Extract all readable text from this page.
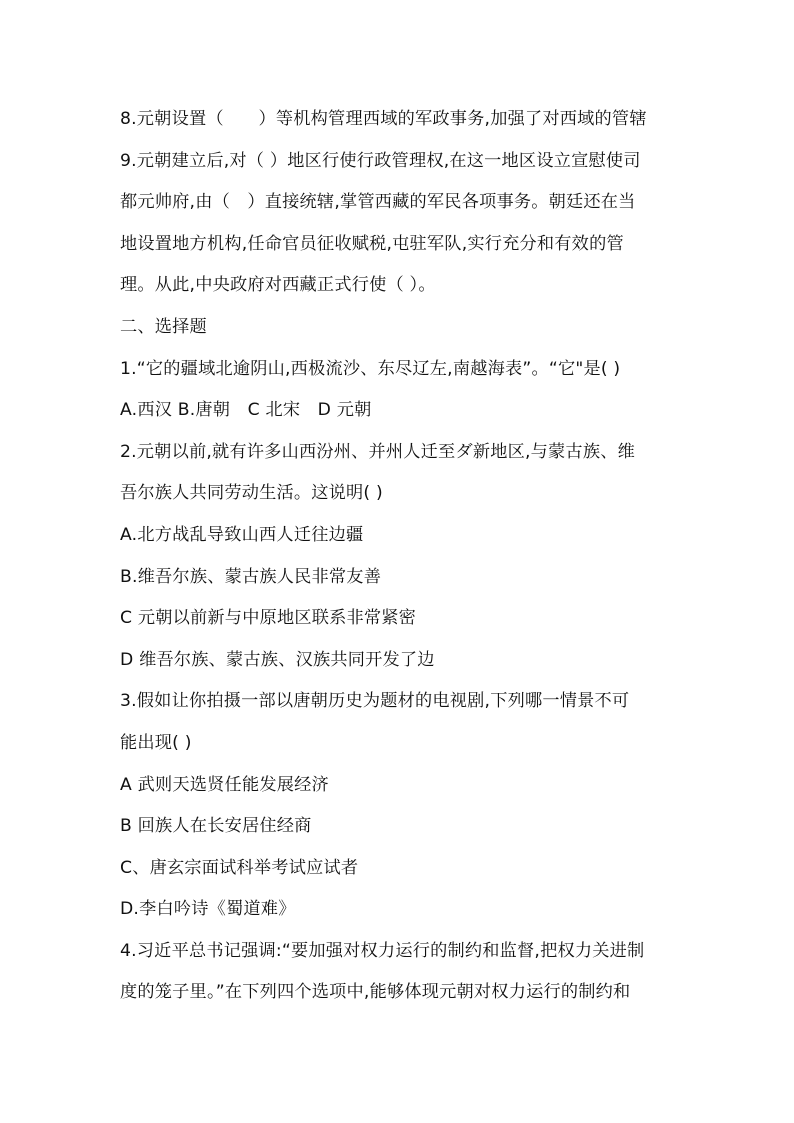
8.元朝设置（　　）等机构管理西域的军政事务,加强了对西域的管辖
9.元朝建立后,对（ ）地区行使行政管理权,在这一地区设立宣慰使司
都元帅府,由（　）直接统辖,掌管西藏的军民各项事务。朝廷还在当
地设置地方机构,任命官员征收赋税,屯驻军队,实行充分和有效的管
理。从此,中央政府对西藏正式行使（ ）。
二、选择题
1.“它的疆域北逾阴山,西极流沙、东尽辽左,南越海表”。“它"是( )
A.西汉 B.唐朝　C 北宋　D 元朝
2.元朝以前,就有许多山西汾州、并州人迁至ダ新地区,与蒙古族、维
吾尔族人共同劳动生活。这说明( )
A.北方战乱导致山西人迁往边疆
B.维吾尔族、蒙古族人民非常友善
C 元朝以前新与中原地区联系非常紧密
D 维吾尔族、蒙古族、汉族共同开发了边
3.假如让你拍摄一部以唐朝历史为题材的电视剧,下列哪一情景不可
能出现( )
A 武则天选贤任能发展经济
B 回族人在长安居住经商
C、唐玄宗面试科举考试应试者
D.李白吟诗《蜀道难》
4.习近平总书记强调:“要加强对权力运行的制约和监督,把权力关进制
度的笼子里。”在下列四个选项中,能够体现元朝对权力运行的制约和
